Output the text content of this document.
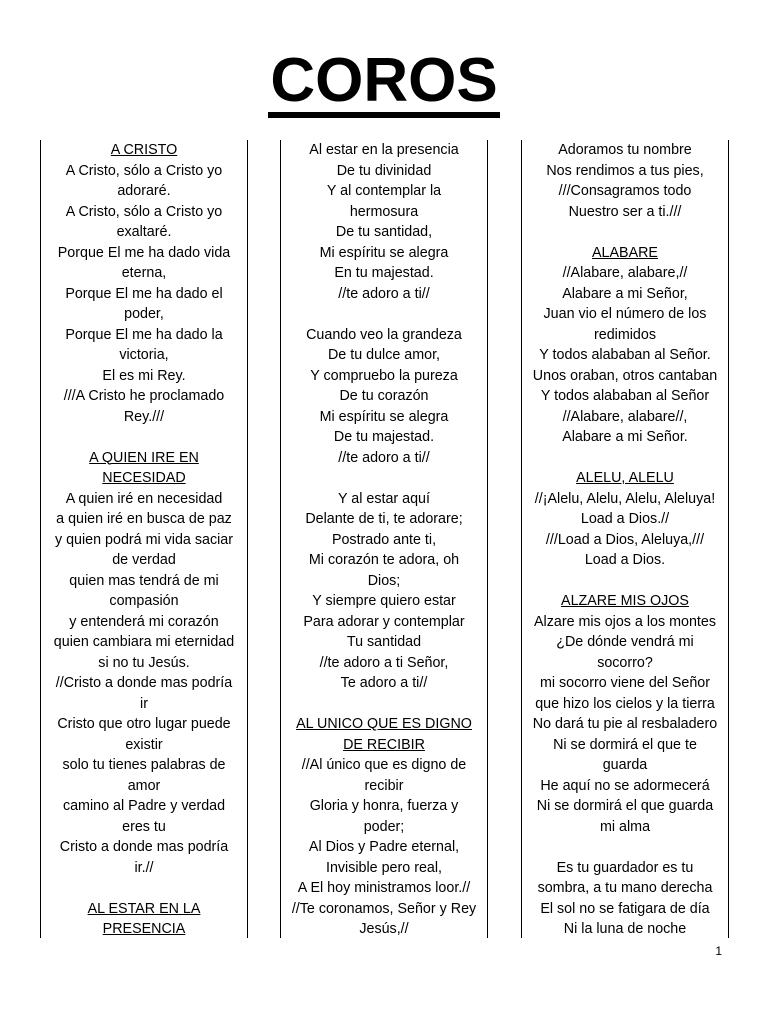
COROS
A CRISTO
A Cristo, sólo a Cristo yo
adoraré.
A Cristo, sólo a Cristo yo
exaltaré.
Porque El me ha dado vida
eterna,
Porque El me ha dado el
poder,
Porque El me ha dado la
victoria,
El es mi Rey.
///A Cristo he proclamado
Rey.///
A QUIEN IRE EN
NECESIDAD
A quien iré en necesidad
a quien iré en busca de paz
y quien podrá mi vida saciar
de verdad
quien mas tendrá de mi
compasión
y entenderá mi corazón
quien cambiara mi eternidad
si no tu Jesús.
//Cristo a donde mas podría
ir
Cristo que otro lugar puede
existir
solo tu tienes palabras de
amor
camino al Padre y verdad
eres tu
Cristo a donde mas podría
ir.//
AL ESTAR EN LA
PRESENCIA
Al estar en la presencia
De tu divinidad
Y al contemplar la
hermosura
De tu santidad,
Mi espíritu se alegra
En tu majestad.
//te adoro a ti//
Cuando veo la grandeza
De tu dulce amor,
Y compruebo la pureza
De tu corazón
Mi espíritu se alegra
De tu majestad.
//te adoro a ti//
Y al estar aquí
Delante de ti, te adorare;
Postrado ante ti,
Mi corazón te adora, oh
Dios;
Y siempre quiero estar
Para adorar y contemplar
Tu santidad
//te adoro a ti Señor,
Te adoro a ti//
AL UNICO QUE ES DIGNO
DE RECIBIR
//Al único que es digno de
recibir
Gloria y honra, fuerza y
poder;
Al Dios y Padre eternal,
Invisible pero real,
A El hoy ministramos loor.//
//Te coronamos, Señor y Rey
Jesús,//
Adoramos tu nombre
Nos rendimos a tus pies,
///Consagramos todo
Nuestro ser a ti.///
ALABARE
//Alabare, alabare,//
Alabare a mi Señor,
Juan vio el número de los
redimidos
Y todos alababan al Señor.
Unos oraban, otros cantaban
Y todos alababan al Señor
//Alabare, alabare//,
Alabare a mi Señor.
ALELU, ALELU
//¡Alelu, Alelu, Alelu, Aleluya!
Load a Dios.//
///Load a Dios, Aleluya,///
Load a Dios.
ALZARE MIS OJOS
Alzare mis ojos a los montes
¿De dónde vendrá mi
socorro?
mi socorro viene del Señor
que hizo los cielos y la tierra
No dará tu pie al resbaladero
Ni se dormirá el que te
guarda
He aquí no se adormecerá
Ni se dormirá el que guarda
mi alma
Es tu guardador es tu
sombra, a tu mano derecha
El sol no se fatigara de día
Ni la luna de noche
1
